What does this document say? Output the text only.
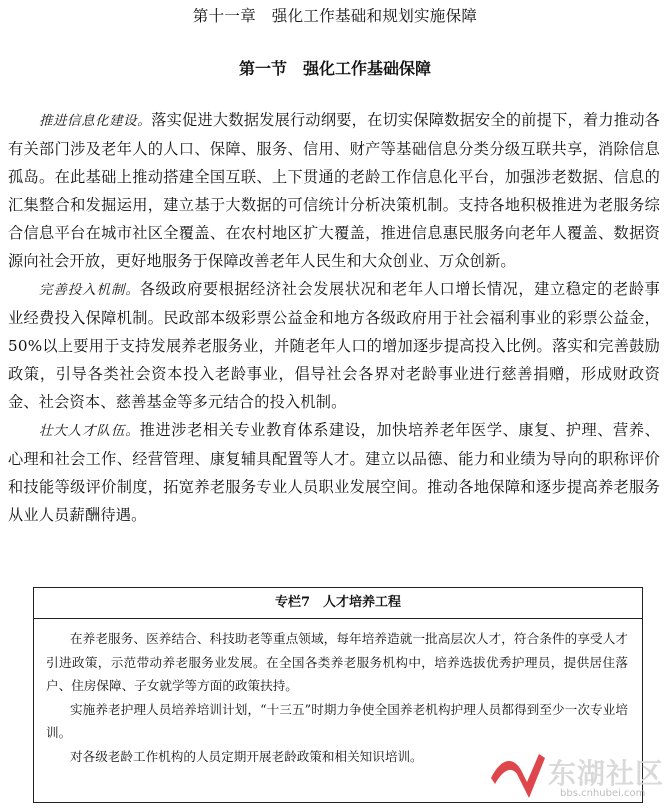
第十一章　强化工作基础和规划实施保障
第一节　强化工作基础保障

推进信息化建设。落实促进大数据发展行动纲要，在切实保障数据安全的前提下，着力推动各有关部门涉及老年人的人口、保障、服务、信用、财产等基础信息分类分级互联共享，消除信息孤岛。在此基础上推动搭建全国互联、上下贯通的老龄工作信息化平台，加强涉老数据、信息的汇集整合和发掘运用，建立基于大数据的可信统计分析决策机制。支持各地积极推进为老服务综合信息平台在城市社区全覆盖、在农村地区扩大覆盖，推进信息惠民服务向老年人覆盖、数据资源向社会开放，更好地服务于保障改善老年人民生和大众创业、万众创新。

完善投入机制。各级政府要根据经济社会发展状况和老年人口增长情况，建立稳定的老龄事业经费投入保障机制。民政部本级彩票公益金和地方各级政府用于社会福利事业的彩票公益金，50%以上要用于支持发展养老服务业，并随老年人口的增加逐步提高投入比例。落实和完善鼓励政策，引导各类社会资本投入老龄事业，倡导社会各界对老龄事业进行慈善捐赠，形成财政资金、社会资本、慈善基金等多元结合的投入机制。

壮大人才队伍。推进涉老相关专业教育体系建设，加快培养老年医学、康复、护理、营养、心理和社会工作、经营管理、康复辅具配置等人才。建立以品德、能力和业绩为导向的职称评价和技能等级评价制度，拓宽养老服务专业人员职业发展空间。推动各地保障和逐步提高养老服务从业人员薪酬待遇。

专栏7　人才培养工程

在养老服务、医养结合、科技助老等重点领域，每年培养造就一批高层次人才，符合条件的享受人才引进政策，示范带动养老服务业发展。在全国各类养老服务机构中，培养选拔优秀护理员，提供居住落户、住房保障、子女就学等方面的政策扶持。

实施养老护理人员培养培训计划，“十三五”时期力争使全国养老机构护理人员都得到至少一次专业培训。

对各级老龄工作机构的人员定期开展老龄政策和相关知识培训。

东湖社区
bbs.cnhubei.com
